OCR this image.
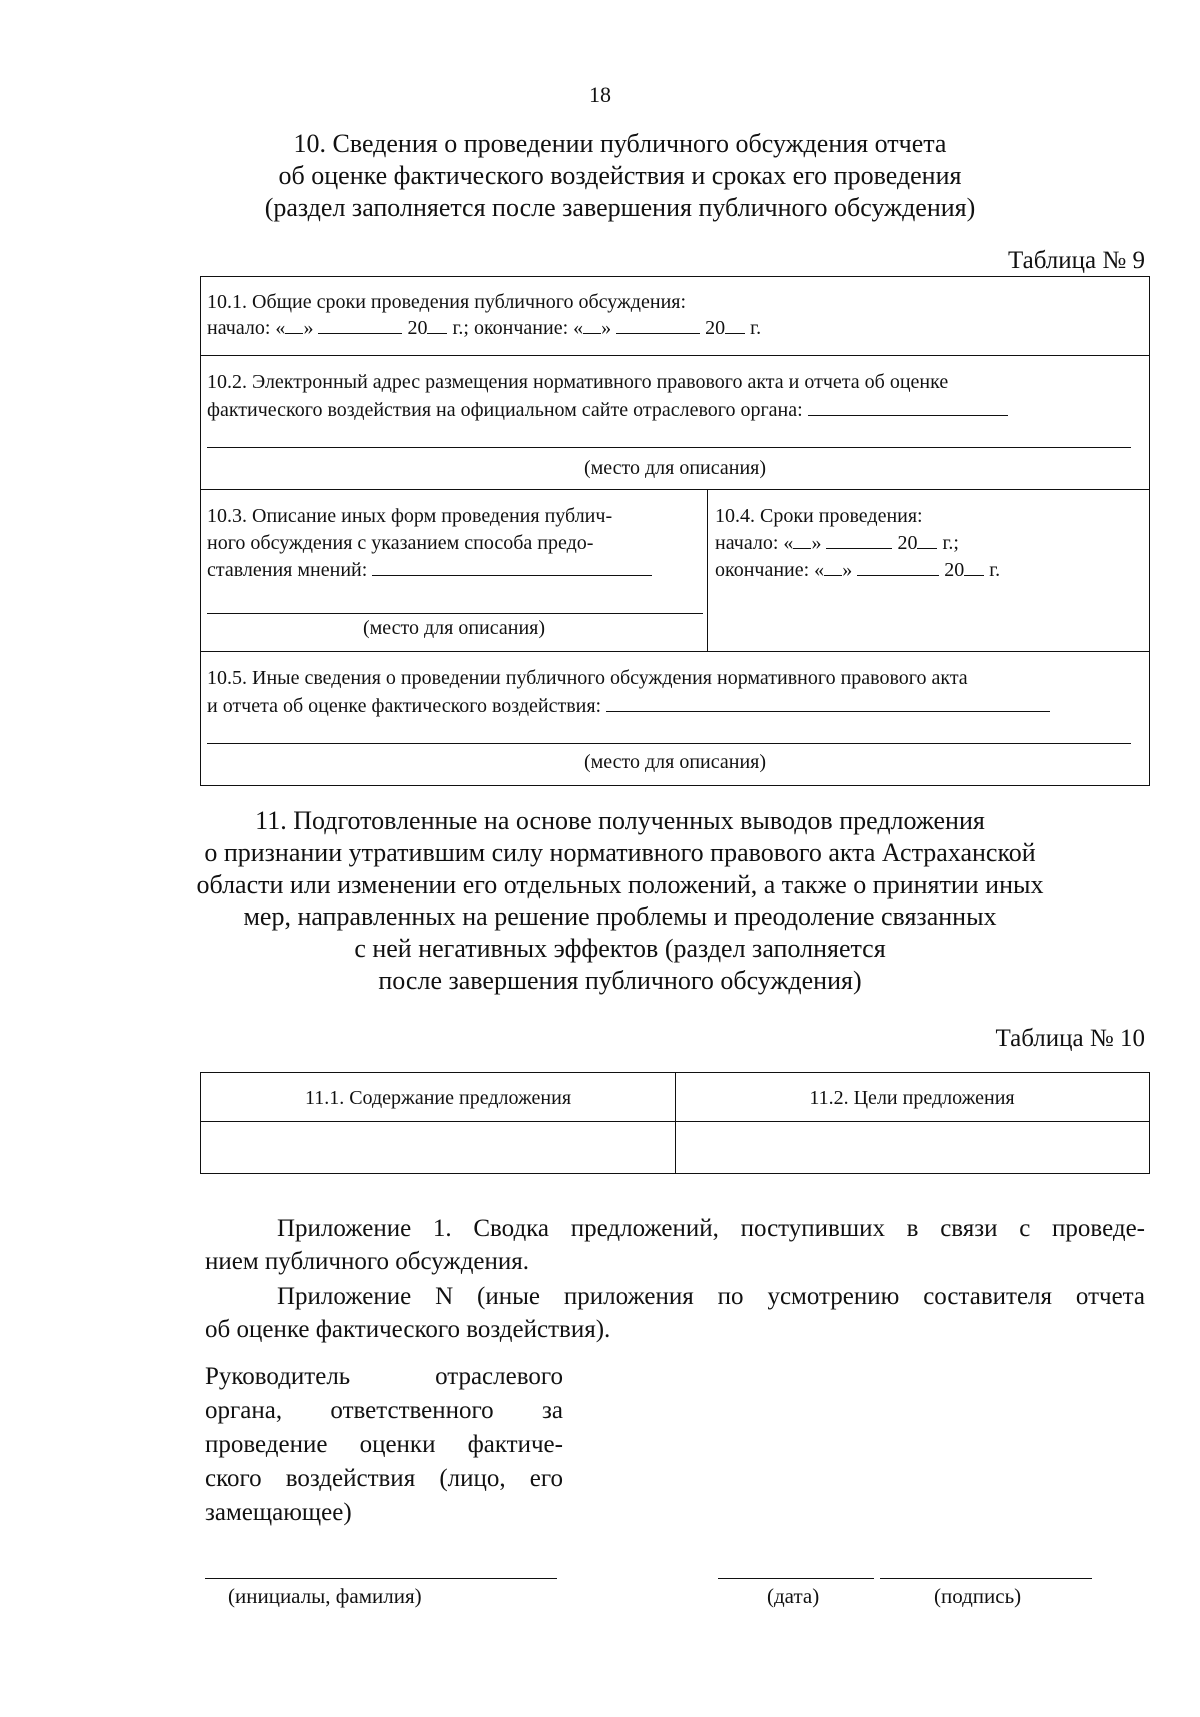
18
10. Сведения о проведении публичного обсуждения отчета
об оценке фактического воздействия и сроках его проведения
(раздел заполняется после завершения публичного обсуждения)
Таблица № 9
10.1. Общие сроки проведения публичного обсуждения:
начало: « »	20 г.; окончание: « »	20 г.
10.2. Электронный адрес размещения нормативного правового акта и отчета об оценке
фактического воздействия на официальном сайте отраслевого органа:
(место для описания)
10.3. Описание иных форм проведения публич-
ного обсуждения с указанием способа предо-
ставления мнений:
(место для описания)
10.4. Сроки проведения:
начало: « »	20 г.;
окончание: « »	20 г.
10.5. Иные сведения о проведении публичного обсуждения нормативного правового акта
и отчета об оценке фактического воздействия:
(место для описания)
11. Подготовленные на основе полученных выводов предложения
о признании утратившим силу нормативного правового акта Астраханской
области или изменении его отдельных положений, а также о принятии иных
мер, направленных на решение проблемы и преодоление связанных
с ней негативных эффектов (раздел заполняется
после завершения публичного обсуждения)
Таблица № 10
11.1. Содержание предложения	11.2. Цели предложения
Приложение 1. Сводка предложений, поступивших в связи с проведе-
нием публичного обсуждения.
Приложение N (иные приложения по усмотрению составителя отчета
об оценке фактического воздействия).
Руководитель	отраслевого
органа, ответственного за
проведение оценки фактиче-
ского воздействия (лицо, его
замещающее)
(инициалы, фамилия)	(дата)	(подпись)
